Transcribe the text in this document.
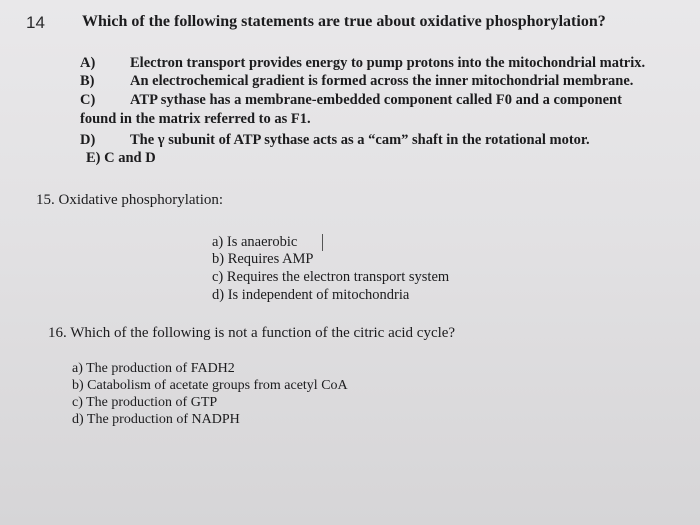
14 Which of the following statements are true about oxidative phosphorylation?
A) Electron transport provides energy to pump protons into the mitochondrial matrix.
B) An electrochemical gradient is formed across the inner mitochondrial membrane.
C) ATP sythase has a membrane-embedded component called F0 and a component
found in the matrix referred to as F1.
D) The γ subunit of ATP sythase acts as a “cam” shaft in the rotational motor.
E) C and D
15. Oxidative phosphorylation:
a) Is anaerobic
b) Requires AMP
c) Requires the electron transport system
d) Is independent of mitochondria
16. Which of the following is not a function of the citric acid cycle?
a) The production of FADH2
b) Catabolism of acetate groups from acetyl CoA
c) The production of GTP
d) The production of NADPH
